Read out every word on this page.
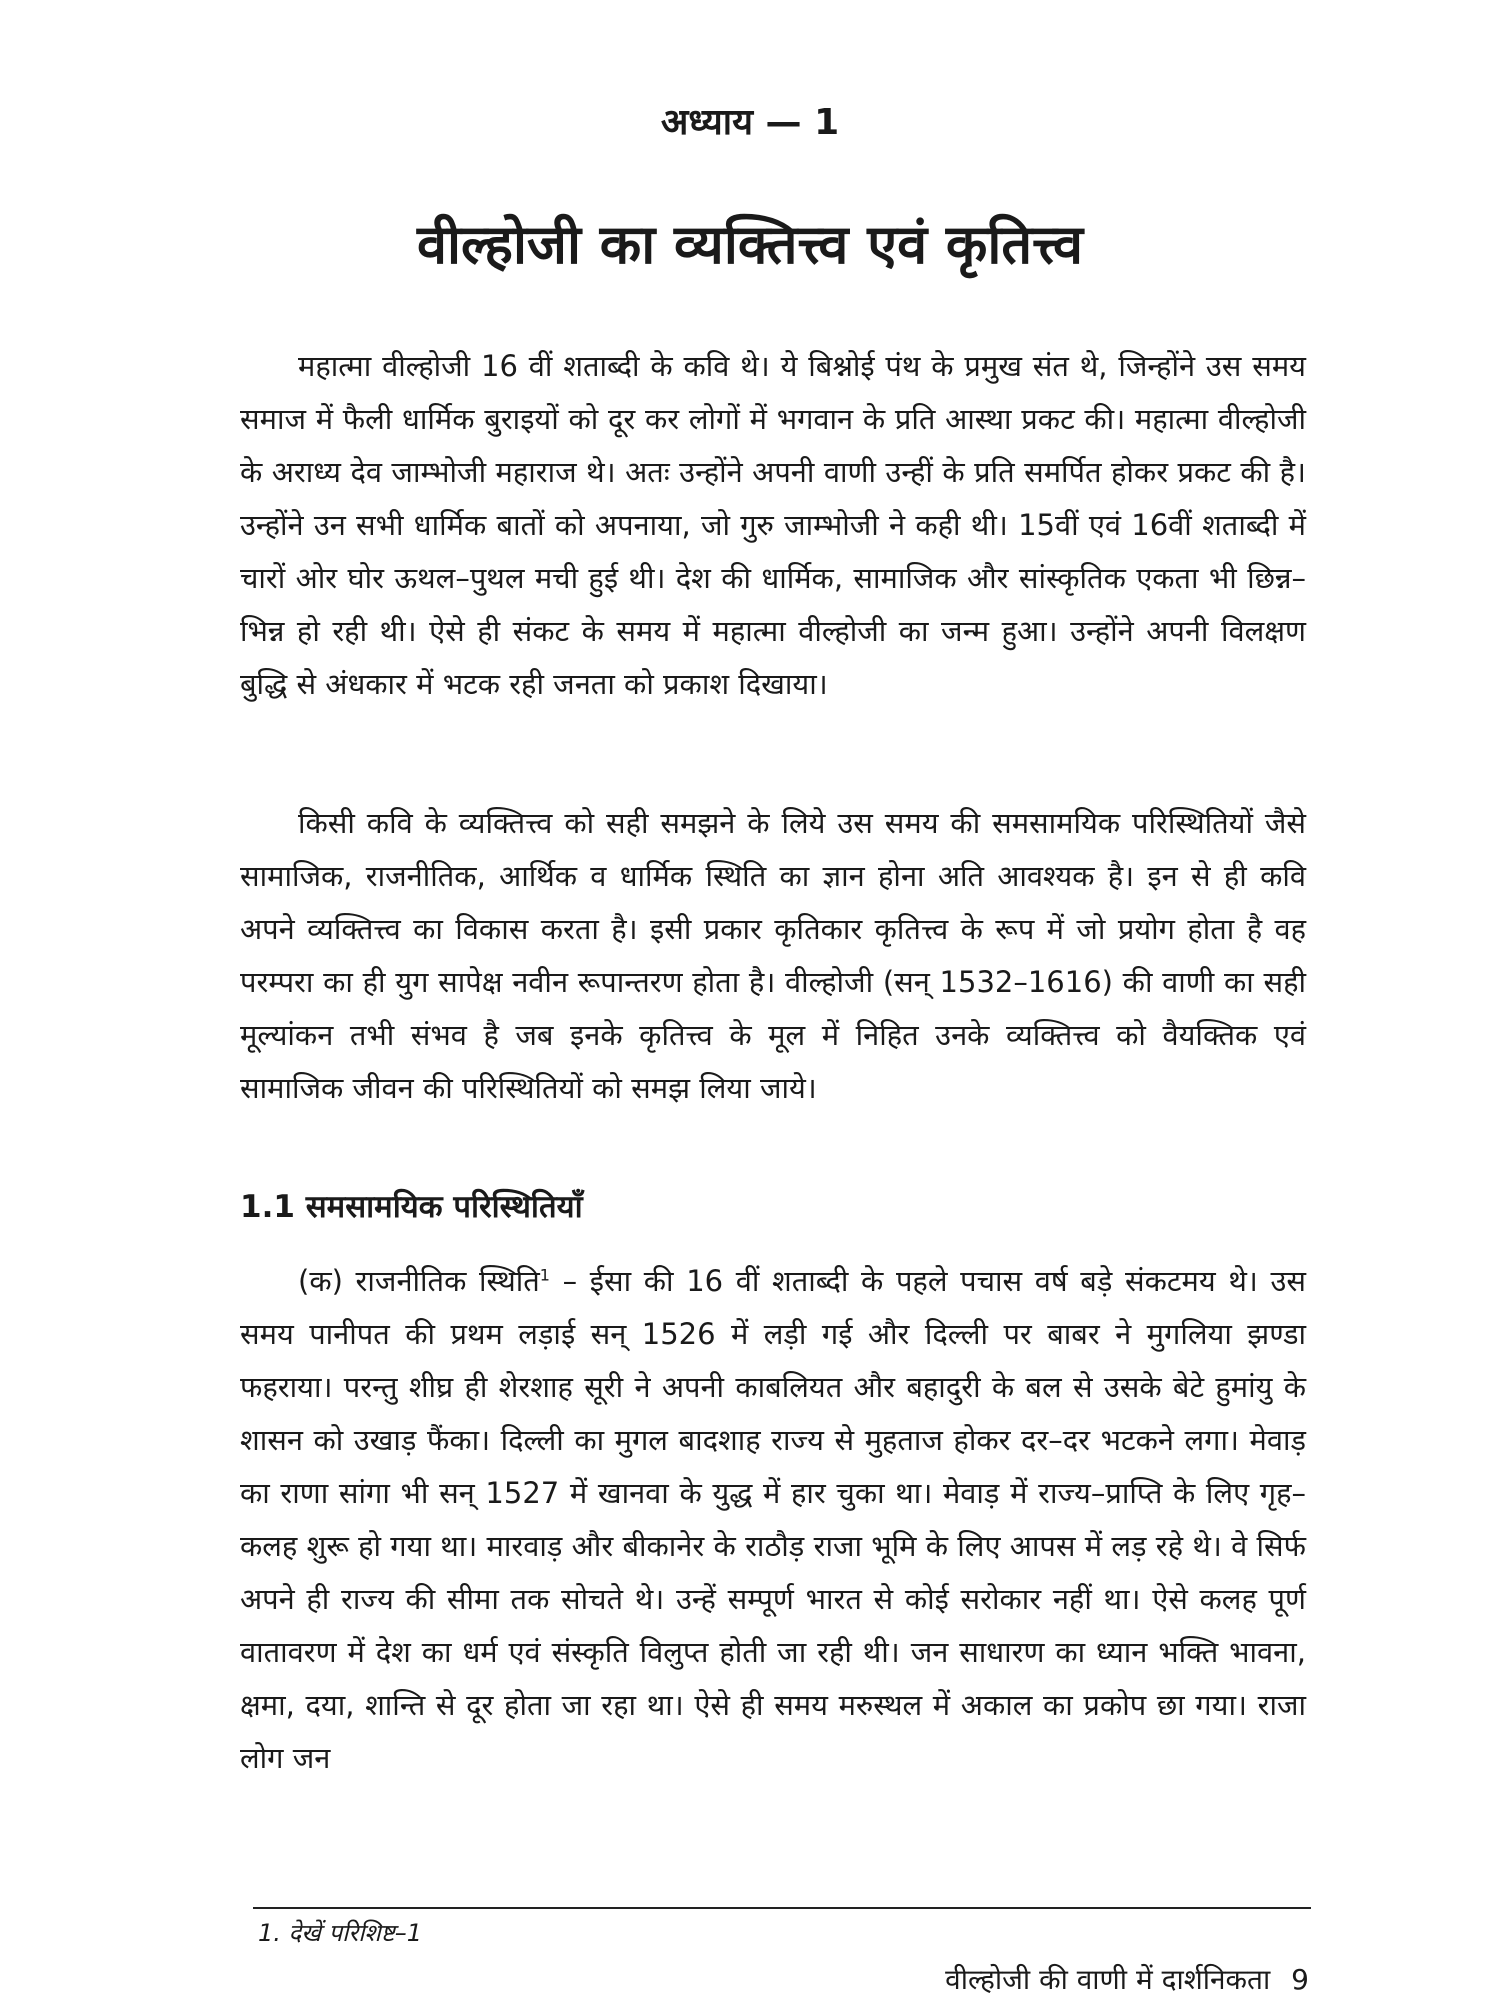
अध्याय — 1
वील्होजी का व्यक्तित्त्व एवं कृतित्त्व

महात्मा वील्होजी 16 वीं शताब्दी के कवि थे। ये बिश्नोई पंथ के प्रमुख संत थे, जिन्होंने उस समय समाज में फैली धार्मिक बुराइयों को दूर कर लोगों में भगवान के प्रति आस्था प्रकट की। महात्मा वील्होजी के अराध्य देव जाम्भोजी महाराज थे। अतः उन्होंने अपनी वाणी उन्हीं के प्रति समर्पित होकर प्रकट की है। उन्होंने उन सभी धार्मिक बातों को अपनाया, जो गुरु जाम्भोजी ने कही थी। 15वीं एवं 16वीं शताब्दी में चारों ओर घोर ऊथल–पुथल मची हुई थी। देश की धार्मिक, सामाजिक और सांस्कृतिक एकता भी छिन्न–भिन्न हो रही थी। ऐसे ही संकट के समय में महात्मा वील्होजी का जन्म हुआ। उन्होंने अपनी विलक्षण बुद्धि से अंधकार में भटक रही जनता को प्रकाश दिखाया।

किसी कवि के व्यक्तित्त्व को सही समझने के लिये उस समय की समसामयिक परिस्थितियों जैसे सामाजिक, राजनीतिक, आर्थिक व धार्मिक स्थिति का ज्ञान होना अति आवश्यक है। इन से ही कवि अपने व्यक्तित्त्व का विकास करता है। इसी प्रकार कृतिकार कृतित्त्व के रूप में जो प्रयोग होता है वह परम्परा का ही युग सापेक्ष नवीन रूपान्तरण होता है। वील्होजी (सन् 1532–1616) की वाणी का सही मूल्यांकन तभी संभव है जब इनके कृतित्त्व के मूल में निहित उनके व्यक्तित्त्व को वैयक्तिक एवं सामाजिक जीवन की परिस्थितियों को समझ लिया जाये।

1.1 समसामयिक परिस्थितियाँ

(क) राजनीतिक स्थिति$^1$ – ईसा की 16 वीं शताब्दी के पहले पचास वर्ष बड़े संकटमय थे। उस समय पानीपत की प्रथम लड़ाई सन् 1526 में लड़ी गई और दिल्ली पर बाबर ने मुगलिया झण्डा फहराया। परन्तु शीघ्र ही शेरशाह सूरी ने अपनी काबलियत और बहादुरी के बल से उसके बेटे हुमांयु के शासन को उखाड़ फैंका। दिल्ली का मुगल बादशाह राज्य से मुहताज होकर दर–दर भटकने लगा। मेवाड़ का राणा सांगा भी सन् 1527 में खानवा के युद्ध में हार चुका था। मेवाड़ में राज्य–प्राप्ति के लिए गृह–कलह शुरू हो गया था। मारवाड़ और बीकानेर के राठौड़ राजा भूमि के लिए आपस में लड़ रहे थे। वे सिर्फ अपने ही राज्य की सीमा तक सोचते थे। उन्हें सम्पूर्ण भारत से कोई सरोकार नहीं था। ऐसे कलह पूर्ण वातावरण में देश का धर्म एवं संस्कृति विलुप्त होती जा रही थी। जन साधारण का ध्यान भक्ति भावना, क्षमा, दया, शान्ति से दूर होता जा रहा था। ऐसे ही समय मरुस्थल में अकाल का प्रकोप छा गया। राजा लोग जन

1. देखें परिशिष्ट–1
वील्होजी की वाणी में दार्शनिकता 9
